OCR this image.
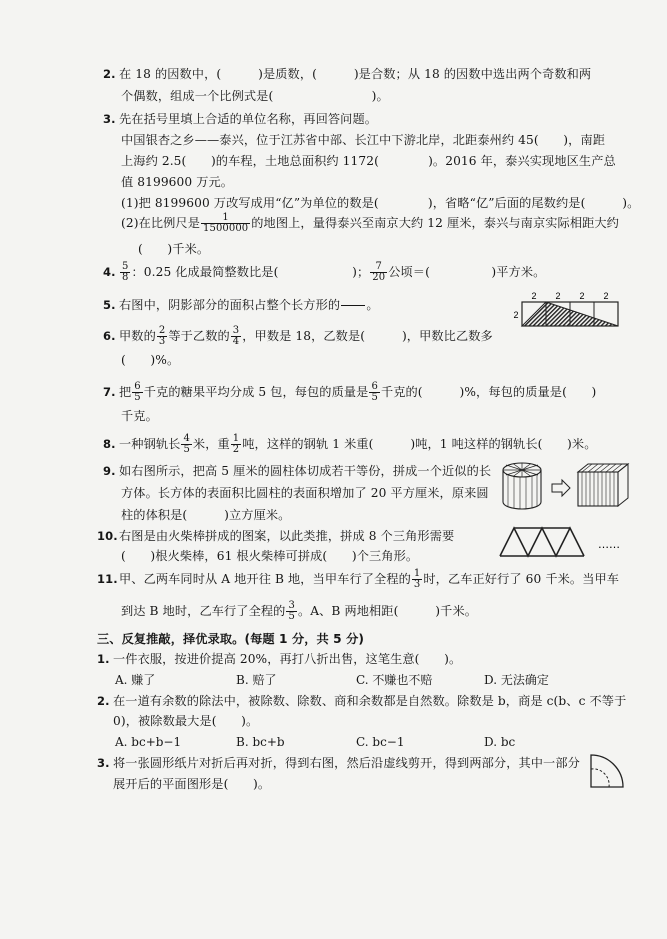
2. 在 18 的因数中，(　　　)是质数，(　　　)是合数；从 18 的因数中选出两个奇数和两
个偶数，组成一个比例式是(　　　　　　　　)。
3. 先在括号里填上合适的单位名称，再回答问题。
中国银杏之乡——泰兴，位于江苏省中部、长江中下游北岸，北距泰州约 45(　　)，南距
上海约 2.5(　　)的车程，土地总面积约 1172(　　　　)。2016 年，泰兴实现地区生产总
值 8199600 万元。
(1)把 8199600 万改写成用“亿”为单位的数是(　　　　)，省略“亿”后面的尾数约是(　　　)。
(2)在比例尺是 $\frac{1}{1500000}$ 的地图上，量得泰兴至南京大约 12 厘米，泰兴与南京实际相距大约
(　　)千米。
4. $\frac{5}{8}$ ：0.25 化成最简整数比是(　　　　　　)； $\frac{7}{20}$ 公顷＝(　　　　　)平方米。
5. 右图中，阴影部分的面积占整个长方形的

　　 。
2 2 2 2
2
6. 甲数的 $\frac{2}{3}$ 等于乙数的 $\frac{3}{4}$ ，甲数是 18，乙数是(　　　)，甲数比乙数多
(　　)%。
7. 把 $\frac{6}{5}$ 千克的糖果平均分成 5 包，每包的质量是 $\frac{6}{5}$ 千克的(　　　)%，每包的质量是(　　)
千克。
8. 一种钢轨长 $\frac{4}{5}$ 米，重 $\frac{1}{2}$ 吨，这样的钢轨 1 米重(　　　)吨，1 吨这样的钢轨长(　　)米。
9. 如右图所示，把高 5 厘米的圆柱体切成若干等份，拼成一个近似的长
方体。长方体的表面积比圆柱的表面积增加了 20 平方厘米，原来圆
柱的体积是(　　　)立方厘米。
10.右图是由火柴棒拼成的图案，以此类推，拼成 8 个三角形需要
(　　)根火柴棒，61 根火柴棒可拼成(　　)个三角形。
……
11.甲、乙两车同时从 A 地开往 B 地，当甲车行了全程的 $\frac{1}{3}$ 时，乙车正好行了 60 千米。当甲车
到达 B 地时，乙车行了全程的 $\frac{3}{5}$ 。A、B 两地相距(　　　)千米。
三、反复推敲，择优录取。(每题 1 分，共 5 分)
1. 一件衣服，按进价提高 20%，再打八折出售，这笔生意(　　)。
A. 赚了	B. 赔了	C. 不赚也不赔	D. 无法确定
2. 在一道有余数的除法中，被除数、除数、商和余数都是自然数。除数是 b，商是 c(b、c 不等于
0)，被除数最大是(　　)。
A. bc+b−1	B. bc+b	C. bc−1	D. bc
3. 将一张圆形纸片对折后再对折，得到右图，然后沿虚线剪开，得到两部分，其中一部分
展开后的平面图形是(　　)。
